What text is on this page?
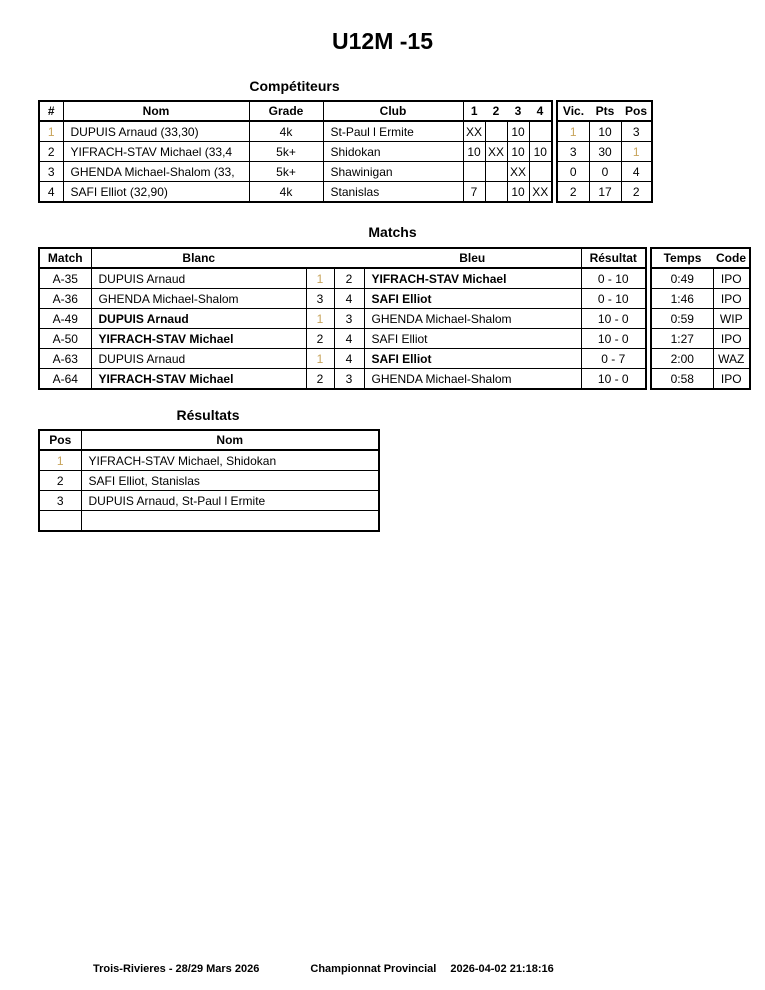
U12M -15
Compétiteurs
#	Nom	Grade	Club	1	2	3	4
1	DUPUIS Arnaud (33,30)	4k	St-Paul l Ermite	XX		10	
2	YIFRACH-STAV Michael (33,4	5k+	Shidokan	10	XX	10	10
3	GHENDA Michael-Shalom (33,	5k+	Shawinigan			XX	
4	SAFI Elliot (32,90)	4k	Stanislas	7		10	XX
Vic.	Pts	Pos
1	10	3
3	30	1
0	0	4
2	17	2
Matchs
Match	Blanc			Bleu	Résultat
A-35	DUPUIS Arnaud	1	2	YIFRACH-STAV Michael	0 - 10
A-36	GHENDA Michael-Shalom	3	4	SAFI Elliot	0 - 10
A-49	DUPUIS Arnaud	1	3	GHENDA Michael-Shalom	10 - 0
A-50	YIFRACH-STAV Michael	2	4	SAFI Elliot	10 - 0
A-63	DUPUIS Arnaud	1	4	SAFI Elliot	0 - 7
A-64	YIFRACH-STAV Michael	2	3	GHENDA Michael-Shalom	10 - 0
Temps	Code
0:49	IPO
1:46	IPO
0:59	WIP
1:27	IPO
2:00	WAZ
0:58	IPO
Résultats
Pos	Nom
1	YIFRACH-STAV Michael, Shidokan
2	SAFI Elliot, Stanislas
3	DUPUIS Arnaud, St-Paul l Ermite

Trois-Rivieres - 28/29 Mars 2026	Championnat Provincial 2026-04-02 21:18:16
